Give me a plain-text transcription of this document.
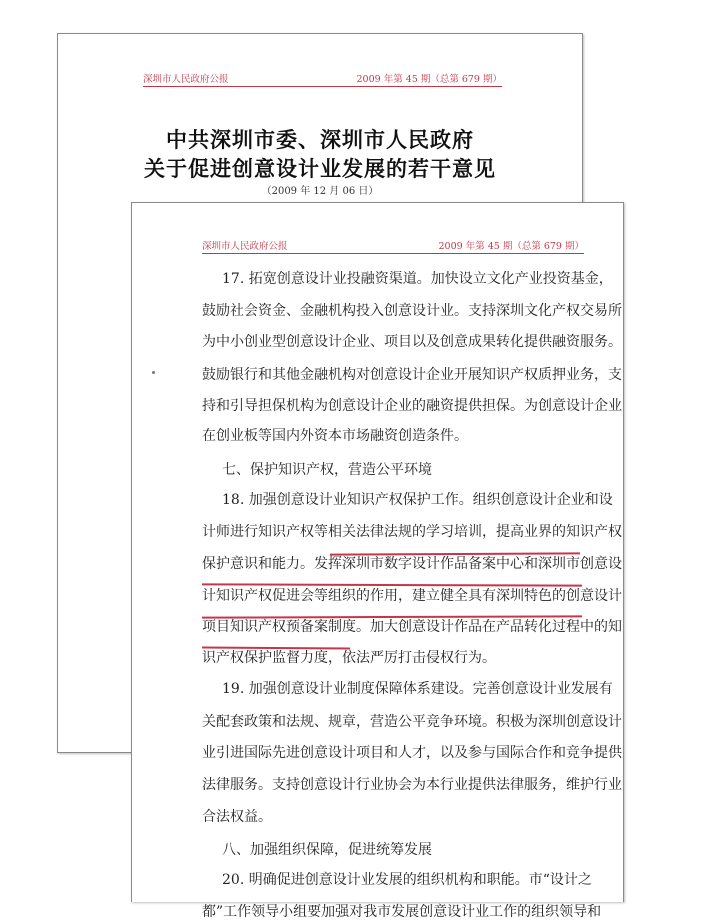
深圳市人民政府公报	2009 年第 45 期（总第 679 期）
中共深圳市委、深圳市人民政府
关于促进创意设计业发展的若干意见
（2009 年 12 月 06 日）
深圳市人民政府公报	2009 年第 45 期（总第 679 期）
17. 拓宽创意设计业投融资渠道。加快设立文化产业投资基金，
鼓励社会资金、金融机构投入创意设计业。支持深圳文化产权交易所
为中小创业型创意设计企业、项目以及创意成果转化提供融资服务。
鼓励银行和其他金融机构对创意设计企业开展知识产权质押业务，支
持和引导担保机构为创意设计企业的融资提供担保。为创意设计企业
在创业板等国内外资本市场融资创造条件。
七、保护知识产权，营造公平环境
18. 加强创意设计业知识产权保护工作。组织创意设计企业和设
计师进行知识产权等相关法律法规的学习培训，提高业界的知识产权
保护意识和能力。发挥深圳市数字设计作品备案中心和深圳市创意设
计知识产权促进会等组织的作用，建立健全具有深圳特色的创意设计
项目知识产权预备案制度。加大创意设计作品在产品转化过程中的知
识产权保护监督力度，依法严厉打击侵权行为。
19. 加强创意设计业制度保障体系建设。完善创意设计业发展有
关配套政策和法规、规章，营造公平竞争环境。积极为深圳创意设计
业引进国际先进创意设计项目和人才，以及参与国际合作和竞争提供
法律服务。支持创意设计行业协会为本行业提供法律服务，维护行业
合法权益。
八、加强组织保障，促进统筹发展
20. 明确促进创意设计业发展的组织机构和职能。市“设计之
都”工作领导小组要加强对我市发展创意设计业工作的组织领导和
